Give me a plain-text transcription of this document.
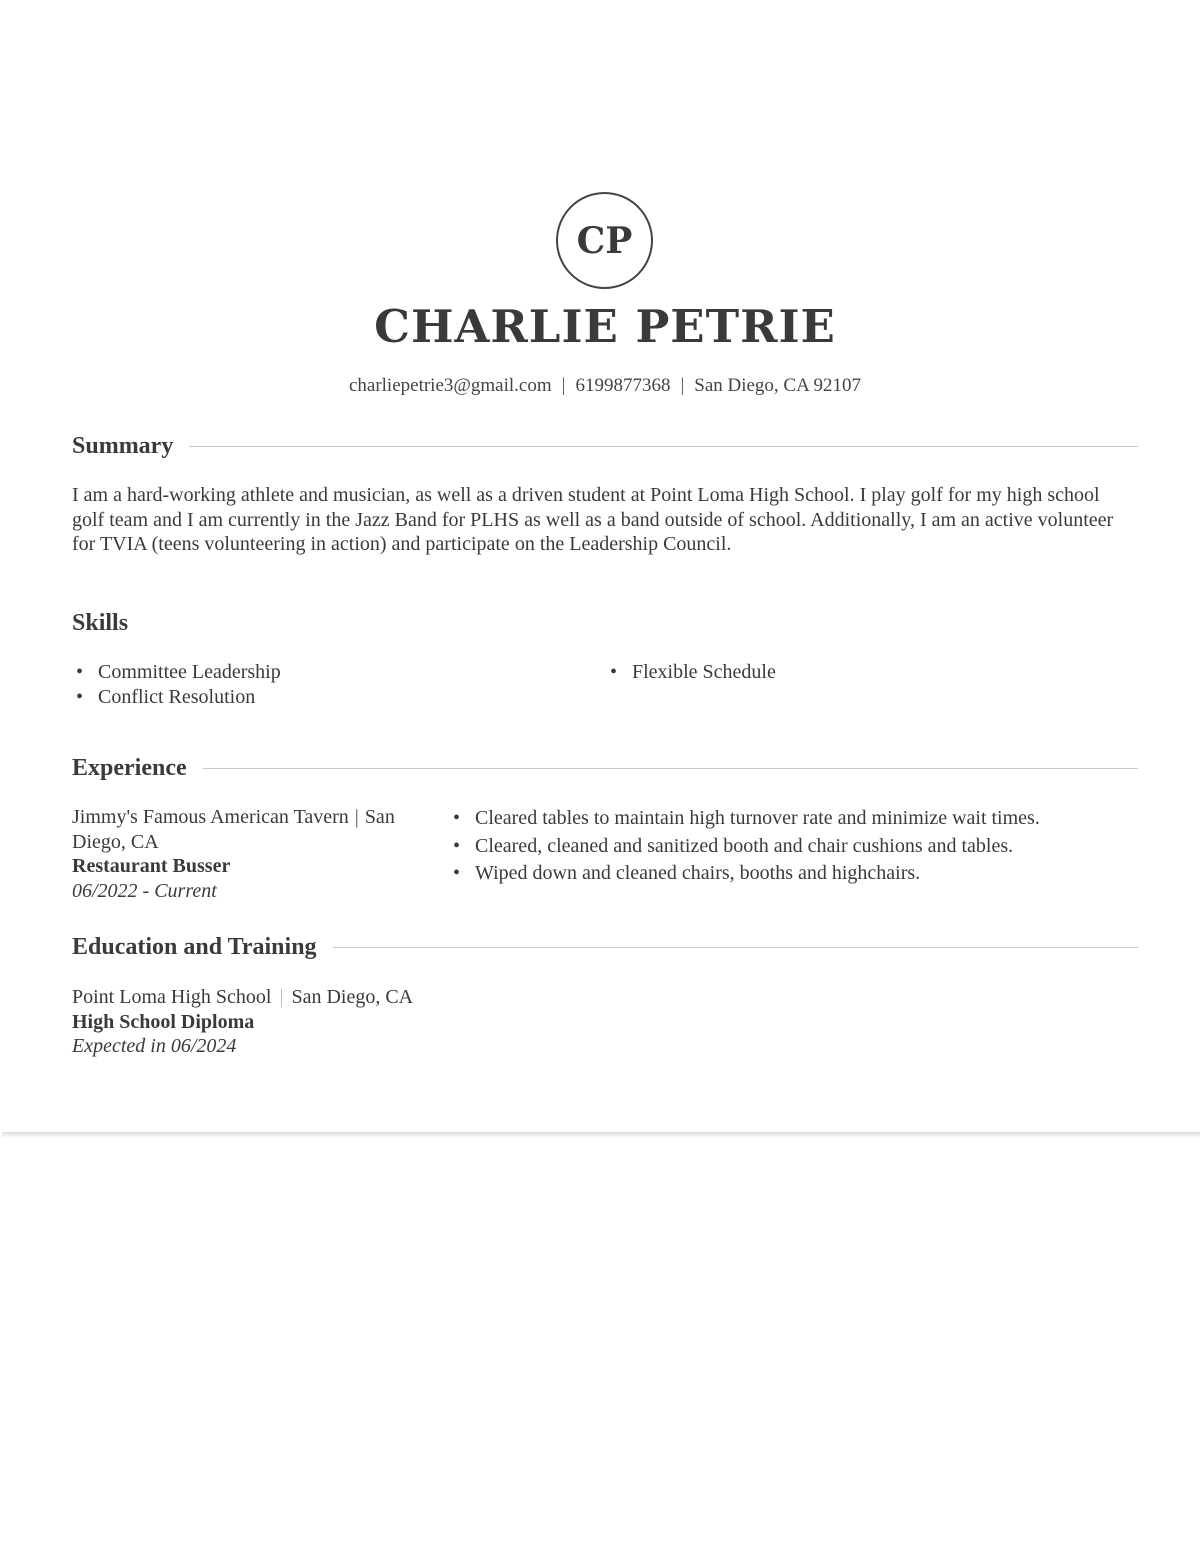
CP
CHARLIE PETRIE
charliepetrie3@gmail.com | 6199877368 | San Diego, CA 92107
Summary

I am a hard-working athlete and musician, as well as a driven student at Point Loma High School. I play golf for my high school golf team and I am currently in the Jazz Band for PLHS as well as a band outside of school. Additionally, I am an active volunteer for TVIA (teens volunteering in action) and participate on the Leadership Council.

Skills
• Committee Leadership
• Conflict Resolution
• Flexible Schedule
Experience
Jimmy's Famous American Tavern | San Diego, CA
Restaurant Busser
06/2022 - Current
• Cleared tables to maintain high turnover rate and minimize wait times.
• Cleared, cleaned and sanitized booth and chair cushions and tables.
• Wiped down and cleaned chairs, booths and highchairs.
Education and Training
Point Loma High School | San Diego, CA
High School Diploma
Expected in 06/2024
